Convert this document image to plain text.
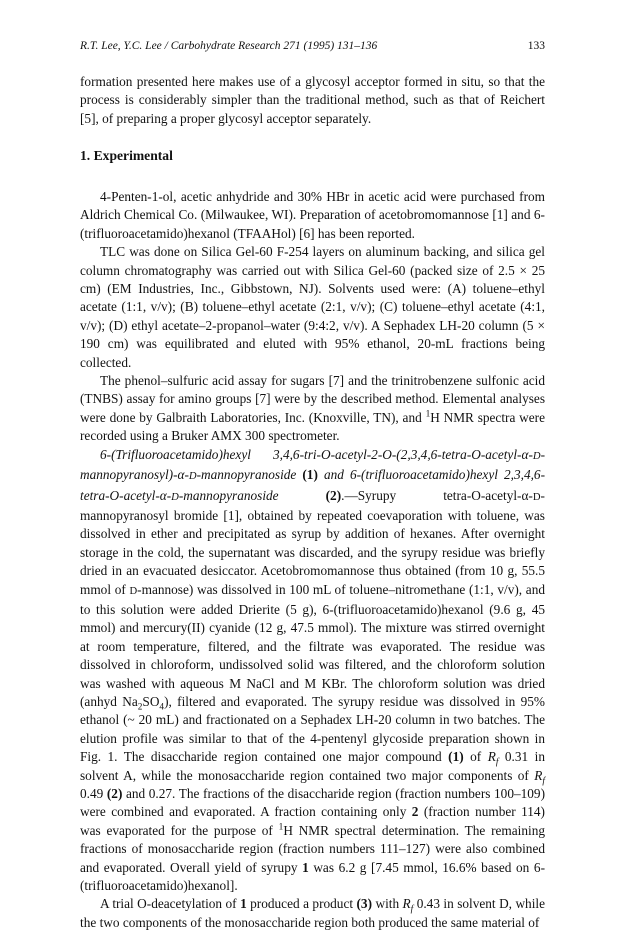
R.T. Lee, Y.C. Lee / Carbohydrate Research 271 (1995) 131–136	133

formation presented here makes use of a glycosyl acceptor formed in situ, so that the process is considerably simpler than the traditional method, such as that of Reichert [5], of preparing a proper glycosyl acceptor separately.

1. Experimental

4-Penten-1-ol, acetic anhydride and 30% HBr in acetic acid were purchased from Aldrich Chemical Co. (Milwaukee, WI). Preparation of acetobromomannose [1] and 6-(trifluoroacetamido)hexanol (TFAAHol) [6] has been reported.

TLC was done on Silica Gel-60 F-254 layers on aluminum backing, and silica gel column chromatography was carried out with Silica Gel-60 (packed size of 2.5 × 25 cm) (EM Industries, Inc., Gibbstown, NJ). Solvents used were: (A) toluene–ethyl acetate (1:1, v/v); (B) toluene–ethyl acetate (2:1, v/v); (C) toluene–ethyl acetate (4:1, v/v); (D) ethyl acetate–2-propanol–water (9:4:2, v/v). A Sephadex LH-20 column (5 × 190 cm) was equilibrated and eluted with 95% ethanol, 20-mL fractions being collected.

The phenol–sulfuric acid assay for sugars [7] and the trinitrobenzene sulfonic acid (TNBS) assay for amino groups [7] were by the described method. Elemental analyses were done by Galbraith Laboratories, Inc. (Knoxville, TN), and $^1$H NMR spectra were recorded using a Bruker AMX 300 spectrometer.

6-(Trifluoroacetamido)hexyl 3,4,6-tri-O-acetyl-2-O-(2,3,4,6-tetra-O-acetyl-α-D-mannopyranosyl)-α-D-mannopyranoside (1) and 6-(trifluoroacetamido)hexyl 2,3,4,6-tetra-O-acetyl-α-D-mannopyranoside (2).—Syrupy tetra-O-acetyl-α-D-mannopyranosyl bromide [1], obtained by repeated coevaporation with toluene, was dissolved in ether and precipitated as syrup by addition of hexanes. After overnight storage in the cold, the supernatant was discarded, and the syrupy residue was briefly dried in an evacuated desiccator. Acetobromomannose thus obtained (from 10 g, 55.5 mmol of D-mannose) was dissolved in 100 mL of toluene–nitromethane (1:1, v/v), and to this solution were added Drierite (5 g), 6-(trifluoroacetamido)hexanol (9.6 g, 45 mmol) and mercury(II) cyanide (12 g, 47.5 mmol). The mixture was stirred overnight at room temperature, filtered, and the filtrate was evaporated. The residue was dissolved in chloroform, undissolved solid was filtered, and the chloroform solution was washed with aqueous M NaCl and M KBr. The chloroform solution was dried (anhyd $Na_2SO_4$), filtered and evaporated. The syrupy residue was dissolved in 95% ethanol (~ 20 mL) and fractionated on a Sephadex LH-20 column in two batches. The elution profile was similar to that of the 4-pentenyl glycoside preparation shown in Fig. 1. The disaccharide region contained one major compound (1) of $R_f$ 0.31 in solvent A, while the monosaccharide region contained two major components of $R_f$ 0.49 (2) and 0.27. The fractions of the disaccharide region (fraction numbers 100–109) were combined and evaporated. A fraction containing only 2 (fraction number 114) was evaporated for the purpose of $^1$H NMR spectral determination. The remaining fractions of monosaccharide region (fraction numbers 111–127) were also combined and evaporated. Overall yield of syrupy 1 was 6.2 g [7.45 mmol, 16.6% based on 6-(trifluoroacetamido)hexanol].

A trial O-deacetylation of 1 produced a product (3) with $R_f$ 0.43 in solvent D, while the two components of the monosaccharide region both produced the same material of
